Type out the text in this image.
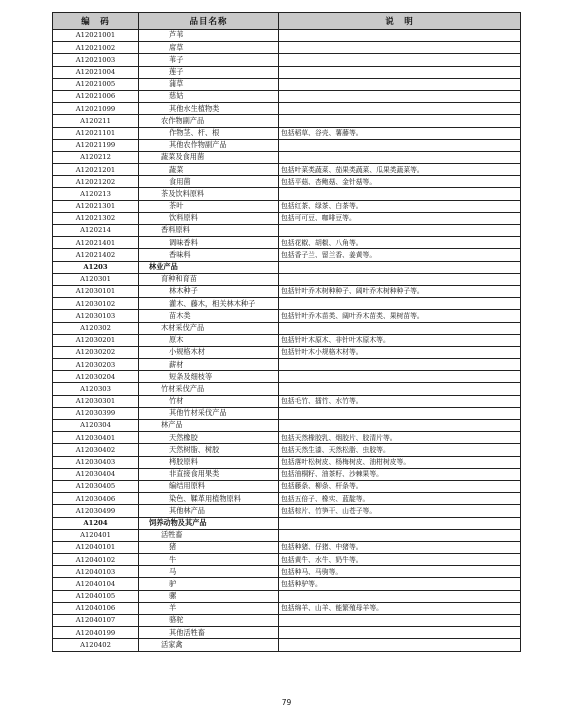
编　码	品目名称	说　明
A12021001	芦苇	
A12021002	席草	
A12021003	苇子	
A12021004	莲子	
A12021005	蒲草	
A12021006	慈姑	
A12021099	其他水生植物类	
A120211	农作物副产品	
A12021101	作物茎、杆、根	包括稻草、谷壳、薯藤等。
A12021199	其他农作物副产品	
A120212	蔬菜及食用菌	
A12021201	蔬菜	包括叶菜类蔬菜、茄果类蔬菜、瓜果类蔬菜等。
A12021202	食用菌	包括平菇、杏鲍菇、金针菇等。
A120213	茶及饮料原料	
A12021301	茶叶	包括红茶、绿茶、白茶等。
A12021302	饮料原料	包括可可豆、咖啡豆等。
A120214	香料原料	
A12021401	调味香料	包括花椒、胡椒、八角等。
A12021402	香味料	包括香子兰、留兰香、姜黄等。
A1203	林业产品	
A120301	育种和育苗	
A12030101	林木种子	包括针叶乔木树种种子、阔叶乔木树种种子等。
A12030102	灌木、藤木，相关林木种子	
A12030103	苗木类	包括针叶乔木苗类、阔叶乔木苗类、果树苗等。
A120302	木材采伐产品	
A12030201	原木	包括针叶木原木、非针叶木原木等。
A12030202	小规格木材	包括针叶木小规格木材等。
A12030203	薪材	
A12030204	短条及细枝等	
A120303	竹材采伐产品	
A12030301	竹材	包括毛竹、擂竹、水竹等。
A12030399	其他竹材采伐产品	
A120304	林产品	
A12030401	天然橡胶	包括天然橡胶乳、烟胶片、胶清片等。
A12030402	天然树脂、树胶	包括天然生漆、天然松脂、虫胶等。
A12030403	栲胶原料	包括落叶松树皮、杨梅树皮、油柑树皮等。
A12030404	非直接食用果类	包括油桐籽、油茶籽、沙棘果等。
A12030405	编结用原料	包括藤条、柳条、杆条等。
A12030406	染色、鞣革用植物原料	包括五倍子、橡实、蓝靛等。
A12030499	其他林产品	包括棕片、竹笋干、山苍子等。
A1204	饲养动物及其产品	
A120401	活牲畜	
A12040101	猪	包括种猪、仔猪、中猪等。
A12040102	牛	包括黄牛、水牛、奶牛等。
A12040103	马	包括种马、马驹等。
A12040104	驴	包括种驴等。
A12040105	骡	
A12040106	羊	包括绵羊、山羊、能繁殖母羊等。
A12040107	骆驼	
A12040199	其他活牲畜	
A120402	活家禽	
79
